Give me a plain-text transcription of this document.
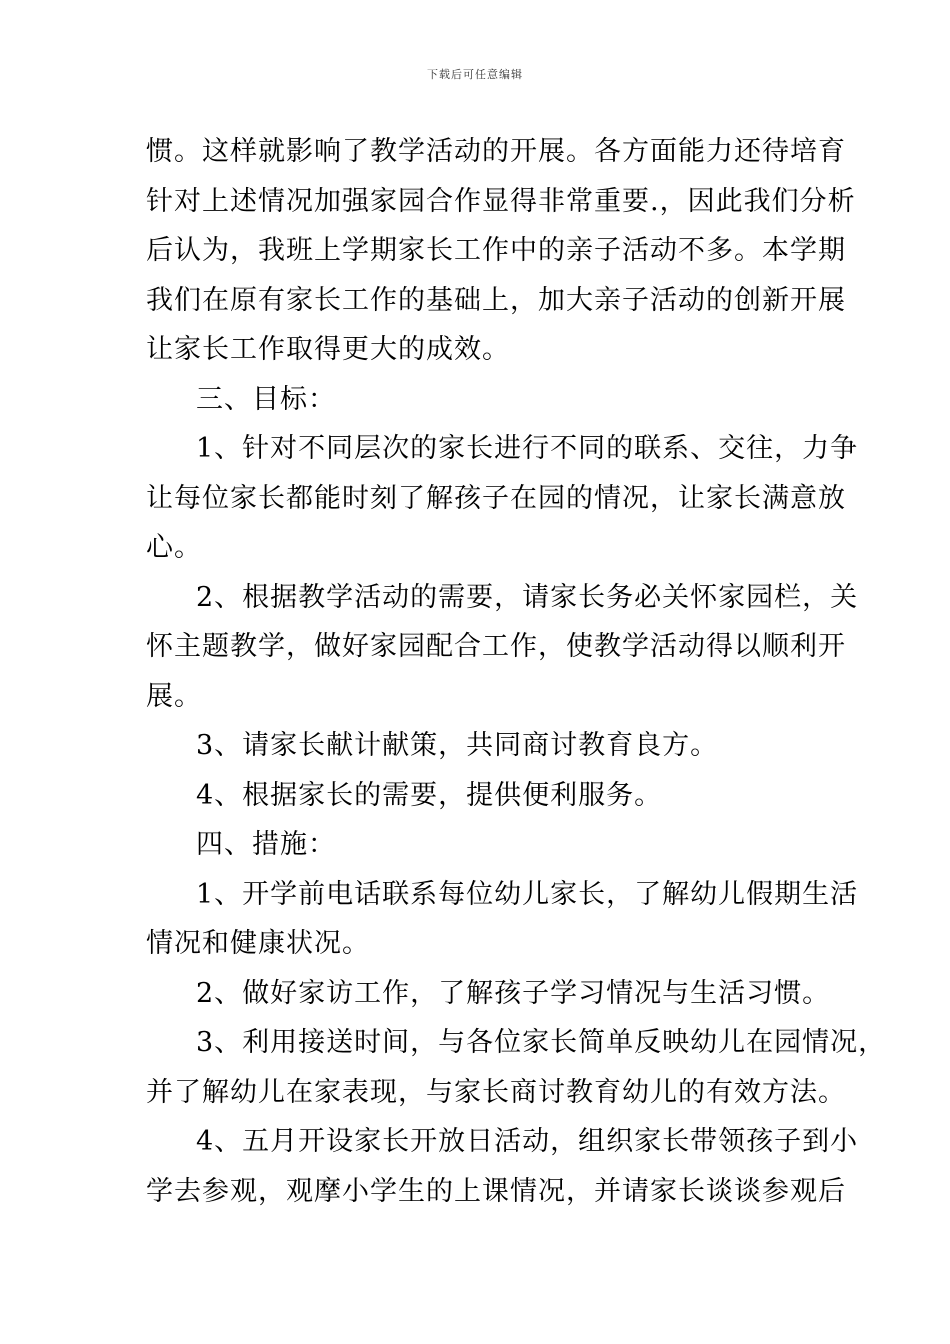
下载后可任意编辑
惯。这样就影响了教学活动的开展。各方面能力还待培育
针对上述情况加强家园合作显得非常重要.，因此我们分析
后认为，我班上学期家长工作中的亲子活动不多。本学期
我们在原有家长工作的基础上，加大亲子活动的创新开展
让家长工作取得更大的成效。
三、目标：
1、针对不同层次的家长进行不同的联系、交往，力争
让每位家长都能时刻了解孩子在园的情况，让家长满意放
心。
2、根据教学活动的需要，请家长务必关怀家园栏，关
怀主题教学，做好家园配合工作，使教学活动得以顺利开
展。
3、请家长献计献策，共同商讨教育良方。
4、根据家长的需要，提供便利服务。
四、措施：
1、开学前电话联系每位幼儿家长，了解幼儿假期生活
情况和健康状况。
2、做好家访工作，了解孩子学习情况与生活习惯。
3、利用接送时间，与各位家长简单反映幼儿在园情况，
并了解幼儿在家表现，与家长商讨教育幼儿的有效方法。
4、五月开设家长开放日活动，组织家长带领孩子到小
学去参观，观摩小学生的上课情况，并请家长谈谈参观后
